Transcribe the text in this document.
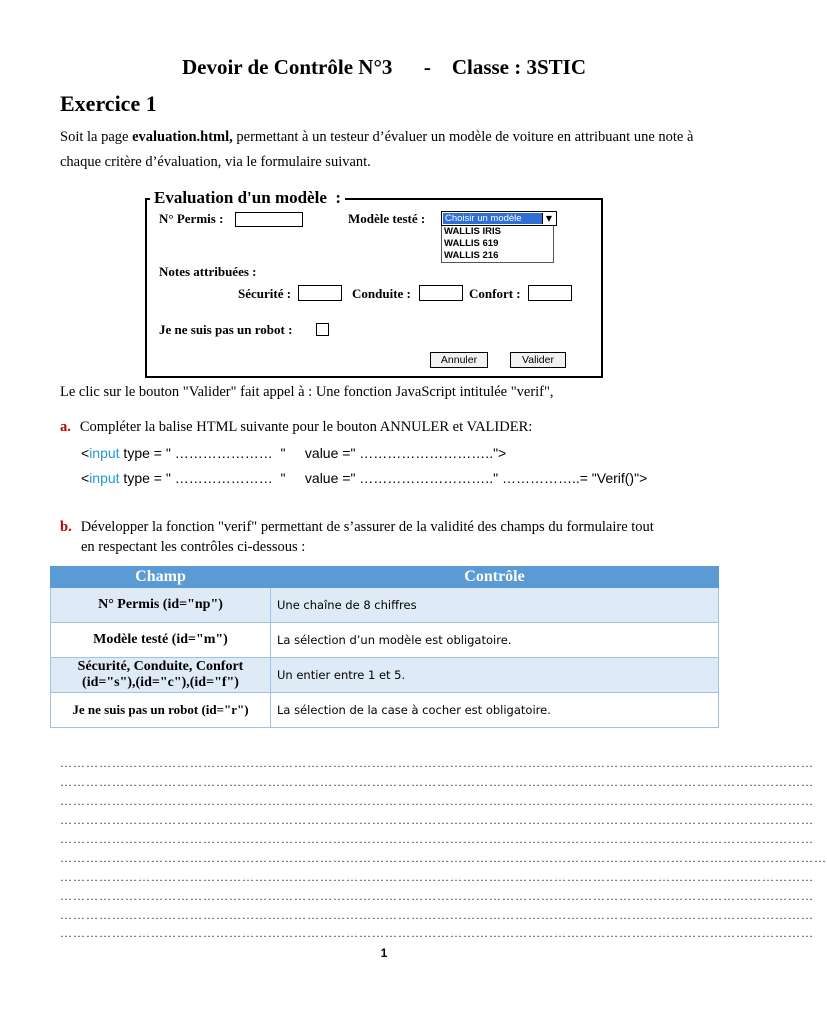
Devoir de Contrôle N°3      -    Classe : 3STIC
Exercice 1
Soit la page evaluation.html, permettant à un testeur d’évaluer un modèle de voiture en attribuant une note à chaque critère d’évaluation, via le formulaire suivant.
Evaluation d'un modèle  :
N° Permis :	Modèle testé : Choisir un modèle	▼
WALLIS IRIS
WALLIS 619
WALLIS 216
Notes attribuées :
Sécurité :	Conduite :	Confort :
Je ne suis pas un robot :
Annuler	Valider
Le clic sur le bouton "Valider" fait appel à : Une fonction JavaScript intitulée "verif",
a. Compléter la balise HTML suivante pour le bouton ANNULER et VALIDER:
<input type = " …………………  "     value =" ………………………..">
<input type = " …………………  "     value =" ……………………….." ……………..= "Verif()">
b. Développer la fonction "verif" permettant de s’assurer de la validité des champs du formulaire tout
en respectant les contrôles ci-dessous :
Champ	Contrôle
N° Permis (id="np")	Une chaîne de 8 chiffres
Modèle testé (id="m")	La sélection d’un modèle est obligatoire.

Sécurité, Conduite, Confort
(id="s"),(id="c"),(id="f")	Un entier entre 1 et 5.
Je ne suis pas un robot (id="r")	La sélection de la case à cocher est obligatoire.
…………………………………………………………………………………………………………………………………………………………
…………………………………………………………………………………………………………………………………………………………
…………………………………………………………………………………………………………………………………………………………
…………………………………………………………………………………………………………………………………………………………
…………………………………………………………………………………………………………………………………………………………
……………………………………………………………………………………………………………………………………………………………
…………………………………………………………………………………………………………………………………………………………
…………………………………………………………………………………………………………………………………………………………
…………………………………………………………………………………………………………………………………………………………
…………………………………………………………………………………………………………………………………………………………
1
